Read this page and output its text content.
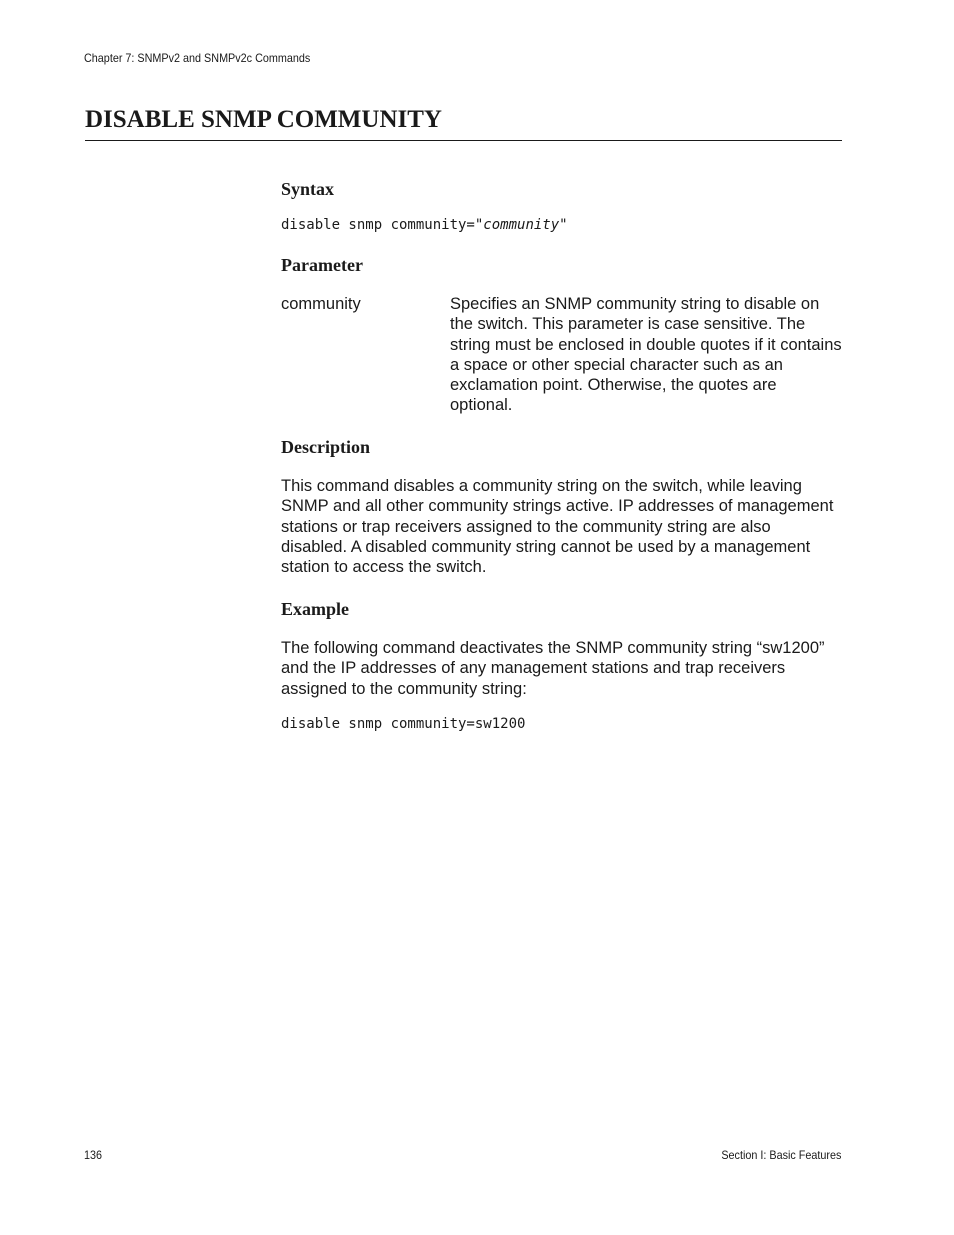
Chapter 7: SNMPv2 and SNMPv2c Commands
DISABLE SNMP COMMUNITY
Syntax
disable snmp community="community"
Parameter
community	Specifies an SNMP community string to disable on the switch. This parameter is case sensitive. The string must be enclosed in double quotes if it contains a space or other special character such as an exclamation point. Otherwise, the quotes are optional.

Description

This command disables a community string on the switch, while leaving SNMP and all other community strings active. IP addresses of management stations or trap receivers assigned to the community string are also disabled. A disabled community string cannot be used by a management station to access the switch.

Example

The following command deactivates the SNMP community string “sw1200” and the IP addresses of any management stations and trap receivers assigned to the community string:

disable snmp community=sw1200
136	Section I: Basic Features
